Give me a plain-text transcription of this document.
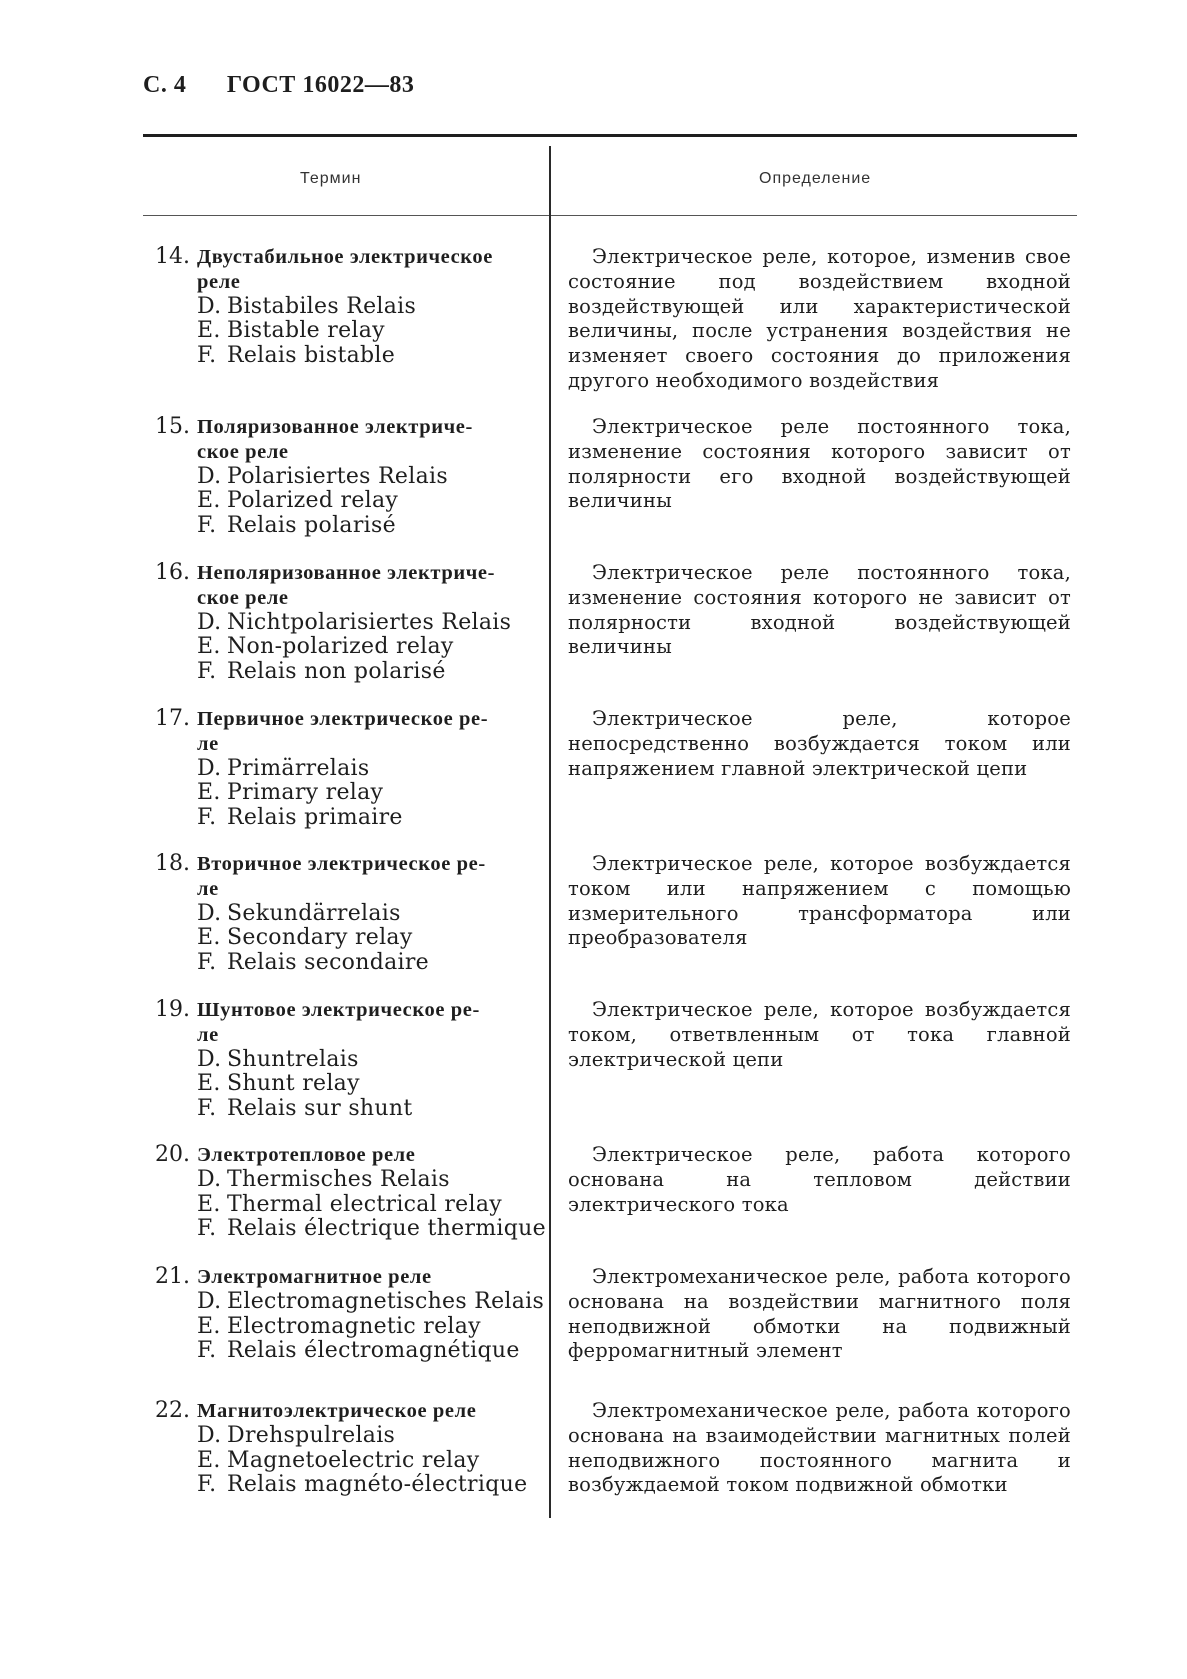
С. 4 ГОСТ 16022—83
Термин	Определение
14. Двустабильное электрическое
реле
D. Bistabiles Relais
E. Bistable relay
F. Relais bistable
Электрическое реле, которое, изменив свое состояние под воздействием входной воздействующей или характеристической величины, после устранения воздействия не изменяет своего состояния до приложения другого необходимого воздействия
15. Поляризованное электриче-
ское реле
D. Polarisiertes Relais
E. Polarized relay
F. Relais polarisé
Электрическое реле постоянного тока, изменение состояния которого зависит от полярности его входной воздействующей величины
16. Неполяризованное электриче-
ское реле
D. Nichtpolarisiertes Relais
E. Non-polarized relay
F. Relais non polarisé
Электрическое реле постоянного тока, изменение состояния которого не зависит от полярности входной воздействующей величины
17. Первичное электрическое ре-
ле
D. Primärrelais
E. Primary relay
F. Relais primaire
Электрическое реле, которое непосредственно возбуждается током или напряжением главной электрической цепи
18. Вторичное электрическое ре-
ле
D. Sekundärrelais
E. Secondary relay
F. Relais secondaire
Электрическое реле, которое возбуждается током или напряжением с помощью измерительного трансформатора или преобразователя
19. Шунтовое электрическое ре-
ле
D. Shuntrelais
E. Shunt relay
F. Relais sur shunt
Электрическое реле, которое возбуждается током, ответвленным от тока главной электрической цепи
20. Электротепловое реле
D. Thermisches Relais
E. Thermal electrical relay
F. Relais électrique thermique
Электрическое реле, работа которого основана на тепловом действии электрического тока
21. Электромагнитное реле
D. Electromagnetisches Relais
E. Electromagnetic relay
F. Relais électromagnétique
Электромеханическое реле, работа которого основана на воздействии магнитного поля неподвижной обмотки на подвижный ферромагнитный элемент
22. Магнитоэлектрическое реле
D. Drehspulrelais
E. Magnetoelectric relay
F. Relais magnéto-électrique
Электромеханическое реле, работа которого основана на взаимодействии магнитных полей неподвижного постоянного магнита и возбуждаемой током подвижной обмотки
